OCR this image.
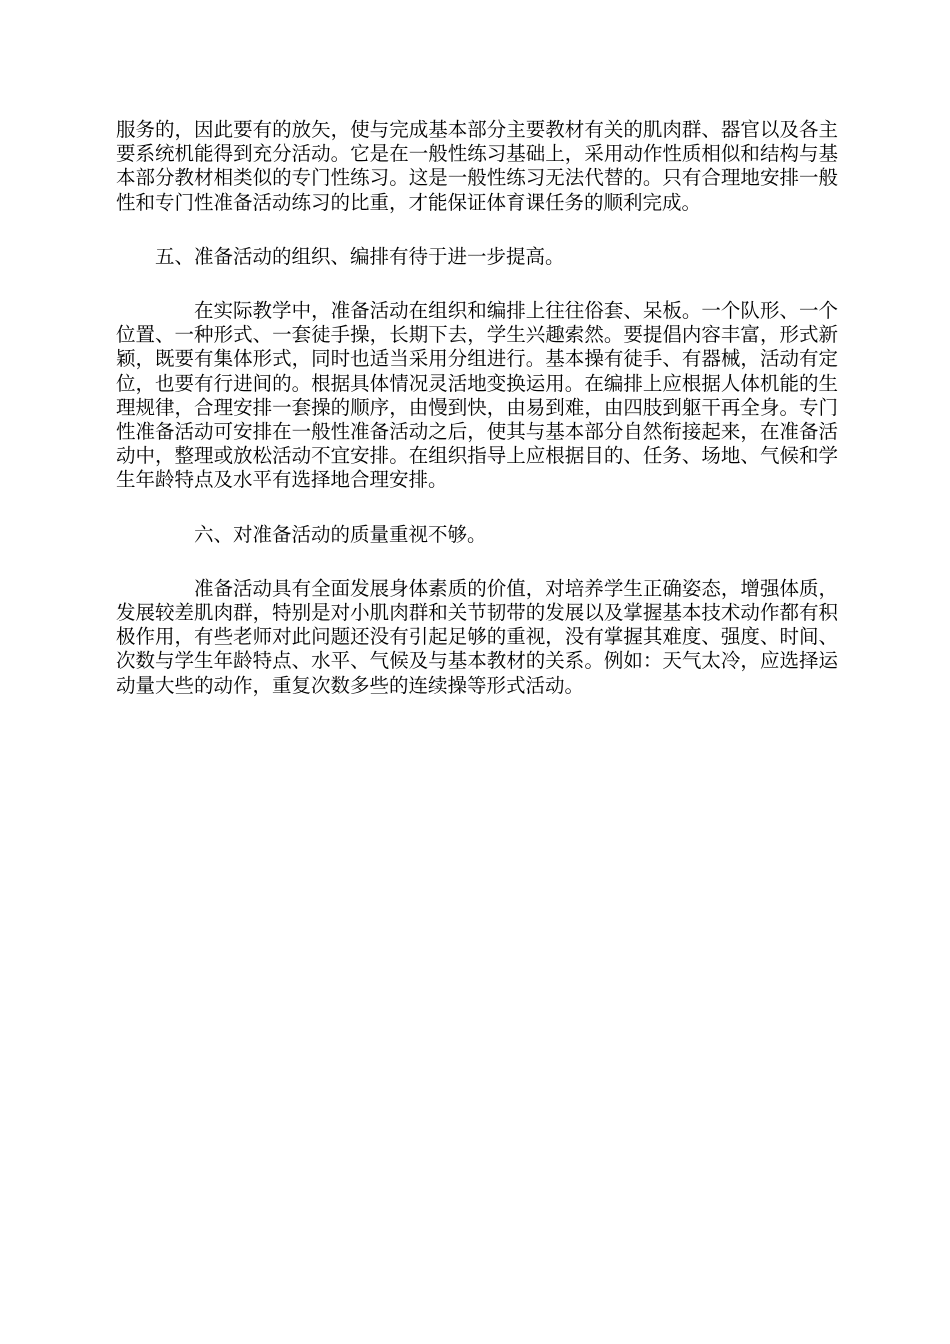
服务的，因此要有的放矢，使与完成基本部分主要教材有关的肌肉群、器官以及各主要系统机能得到充分活动。它是在一般性练习基础上，采用动作性质相似和结构与基本部分教材相类似的专门性练习。这是一般性练习无法代替的。只有合理地安排一般性和专门性准备活动练习的比重，才能保证体育课任务的顺利完成。

五、准备活动的组织、编排有待于进一步提高。

在实际教学中，准备活动在组织和编排上往往俗套、呆板。一个队形、一个位置、一种形式、一套徒手操，长期下去，学生兴趣索然。要提倡内容丰富，形式新颖，既要有集体形式，同时也适当采用分组进行。基本操有徒手、有器械，活动有定位，也要有行进间的。根据具体情况灵活地变换运用。在编排上应根据人体机能的生理规律，合理安排一套操的顺序，由慢到快，由易到难，由四肢到躯干再全身。专门性准备活动可安排在一般性准备活动之后，使其与基本部分自然衔接起来，在准备活动中，整理或放松活动不宜安排。在组织指导上应根据目的、任务、场地、气候和学生年龄特点及水平有选择地合理安排。

六、对准备活动的质量重视不够。

准备活动具有全面发展身体素质的价值，对培养学生正确姿态，增强体质，发展较差肌肉群，特别是对小肌肉群和关节韧带的发展以及掌握基本技术动作都有积极作用，有些老师对此问题还没有引起足够的重视，没有掌握其难度、强度、时间、次数与学生年龄特点、水平、气候及与基本教材的关系。例如：天气太冷，应选择运动量大些的动作，重复次数多些的连续操等形式活动。
